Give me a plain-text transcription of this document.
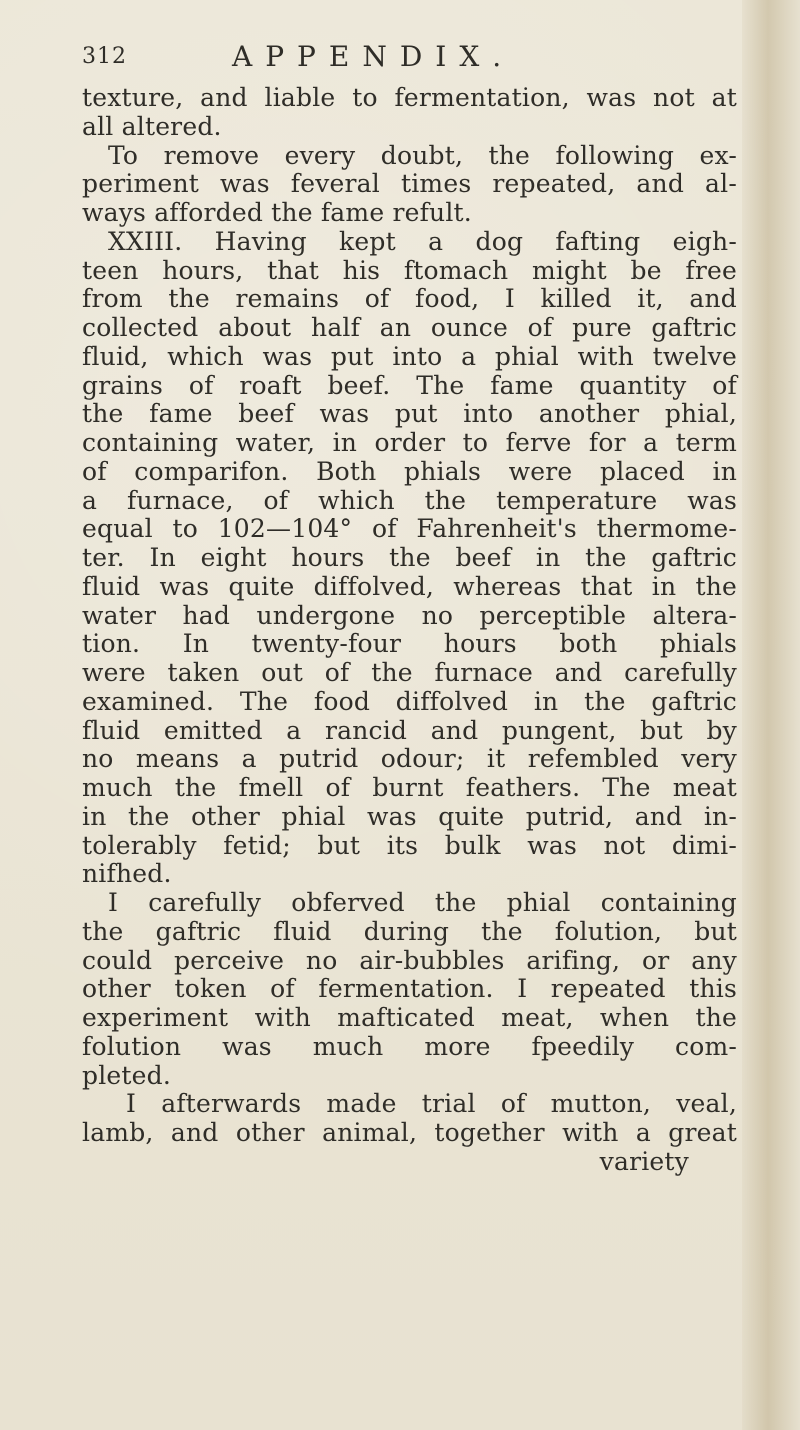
312	APPENDIX.
texture, and liable to fermentation, was not at
all altered.
To remove every doubt, the following ex-
periment was feveral times repeated, and al-
ways afforded the fame refult.
XXIII. Having kept a dog fafting eigh-
teen hours, that his ftomach might be free
from the remains of food, I killed it, and
collected about half an ounce of pure gaftric
fluid, which was put into a phial with twelve
grains of roaft beef. The fame quantity of
the fame beef was put into another phial,
containing water, in order to ferve for a term
of comparifon. Both phials were placed in
a furnace, of which the temperature was
equal to 102—104° of Fahrenheit's thermome-
ter. In eight hours the beef in the gaftric
fluid was quite diffolved, whereas that in the
water had undergone no perceptible altera-
tion. In twenty-four hours both phials
were taken out of the furnace and carefully
examined. The food diffolved in the gaftric
fluid emitted a rancid and pungent, but by
no means a putrid odour; it refembled very
much the fmell of burnt feathers. The meat
in the other phial was quite putrid, and in-
tolerably fetid; but its bulk was not dimi-
nifhed.
I carefully obferved the phial containing
the gaftric fluid during the folution, but
could perceive no air-bubbles arifing, or any
other token of fermentation. I repeated this
experiment with mafticated meat, when the
folution was much more fpeedily com-
pleted.
I afterwards made trial of mutton, veal,
lamb, and other animal, together with a great
variety
